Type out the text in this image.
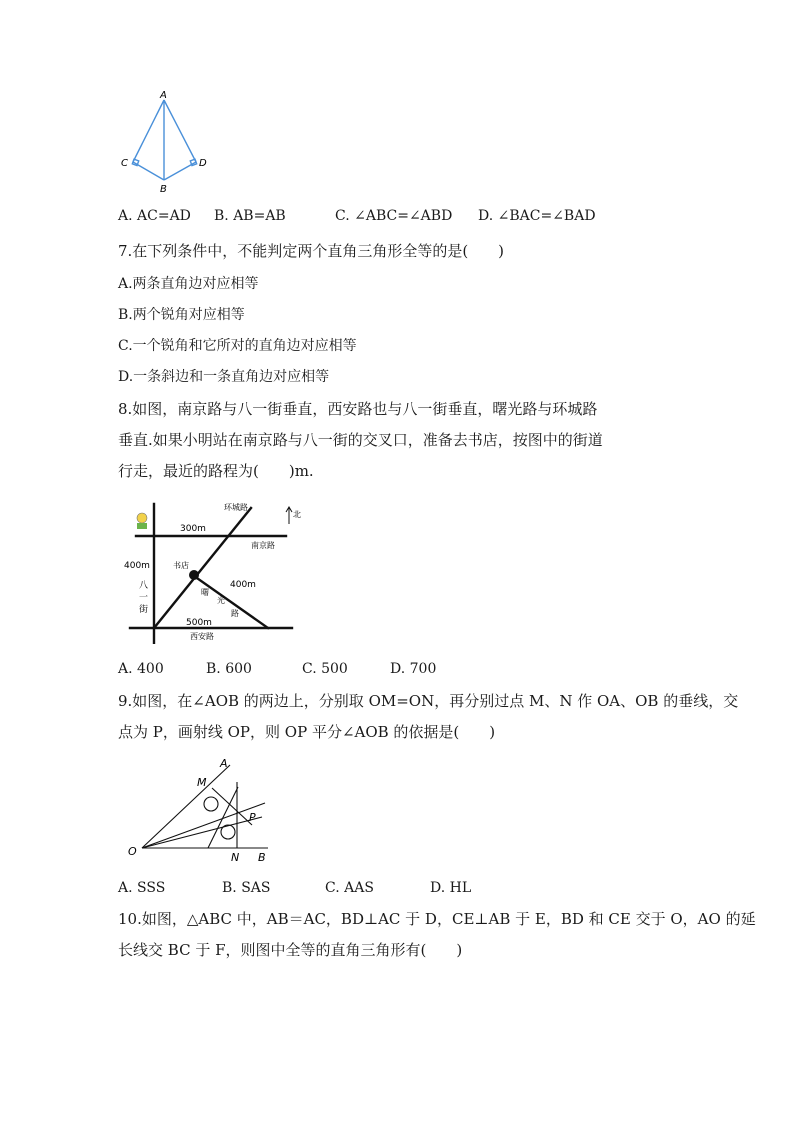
A
C	D
B
A. AC=AD B. AB=AB	C. ∠ABC=∠ABD D. ∠BAC=∠BAD
7.在下列条件中，不能判定两个直角三角形全等的是(　　)
A.两条直角边对应相等
B.两个锐角对应相等
C.一个锐角和它所对的直角边对应相等
D.一条斜边和一条直角边对应相等
8.如图，南京路与八一街垂直，西安路也与八一街垂直，曙光路与环城路
垂直.如果小明站在南京路与八一街的交叉口，准备去书店，按图中的街道
行走，最近的路程为(　　)m.
北
环城路
300m
南京路
400m	书店
八
一
街
曙
光
路
400m
500m
西安路
A. 400	B. 600	C. 500	D. 700
9.如图，在∠AOB 的两边上，分别取 OM=ON，再分别过点 M、N 作 OA、OB 的垂线，交
点为 P，画射线 OP，则 OP 平分∠AOB 的依据是(　　)
A
M
P
O	N B
A. SSS	B. SAS	C. AAS	D. HL
10.如图，△ABC 中，AB＝AC，BD⊥AC 于 D，CE⊥AB 于 E，BD 和 CE 交于 O，AO 的延
长线交 BC 于 F，则图中全等的直角三角形有(　　)
